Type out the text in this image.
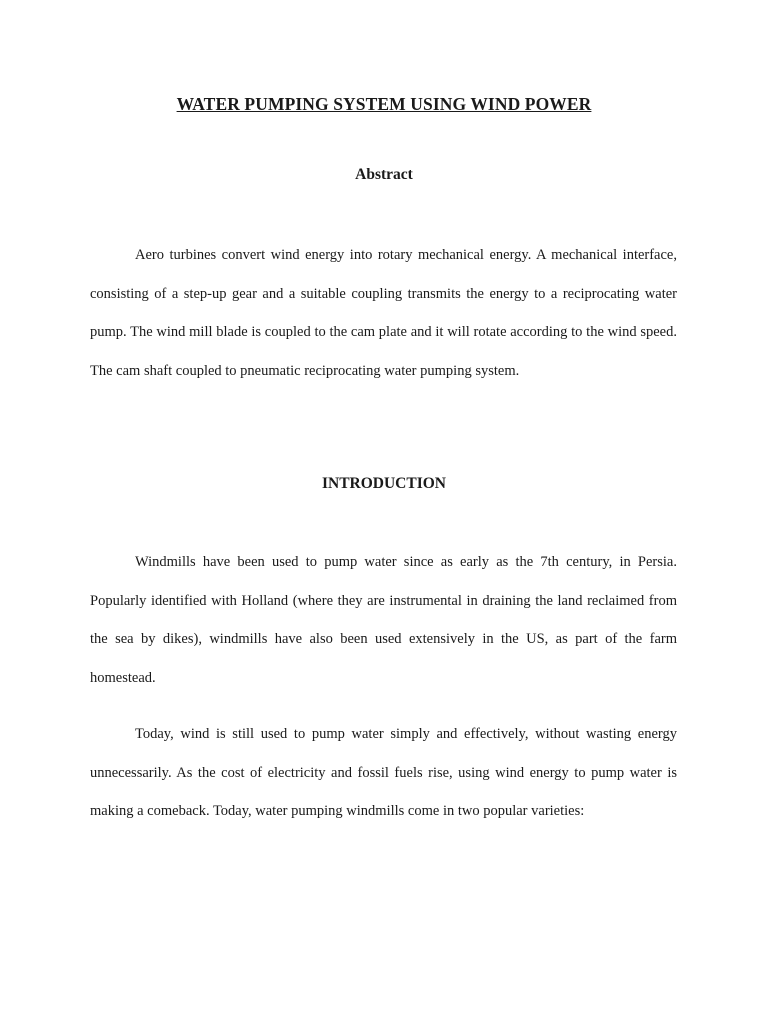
WATER PUMPING SYSTEM USING WIND POWER
Abstract

Aero turbines convert wind energy into rotary mechanical energy. A mechanical interface, consisting of a step-up gear and a suitable coupling transmits the energy to a reciprocating water pump. The wind mill blade is coupled to the cam plate and it will rotate according to the wind speed. The cam shaft coupled to pneumatic reciprocating water pumping system.

INTRODUCTION

Windmills have been used to pump water since as early as the 7th century, in Persia. Popularly identified with Holland (where they are instrumental in draining the land reclaimed from the sea by dikes), windmills have also been used extensively in the US, as part of the farm homestead.

Today, wind is still used to pump water simply and effectively, without wasting energy unnecessarily. As the cost of electricity and fossil fuels rise, using wind energy to pump water is making a comeback. Today, water pumping windmills come in two popular varieties:
